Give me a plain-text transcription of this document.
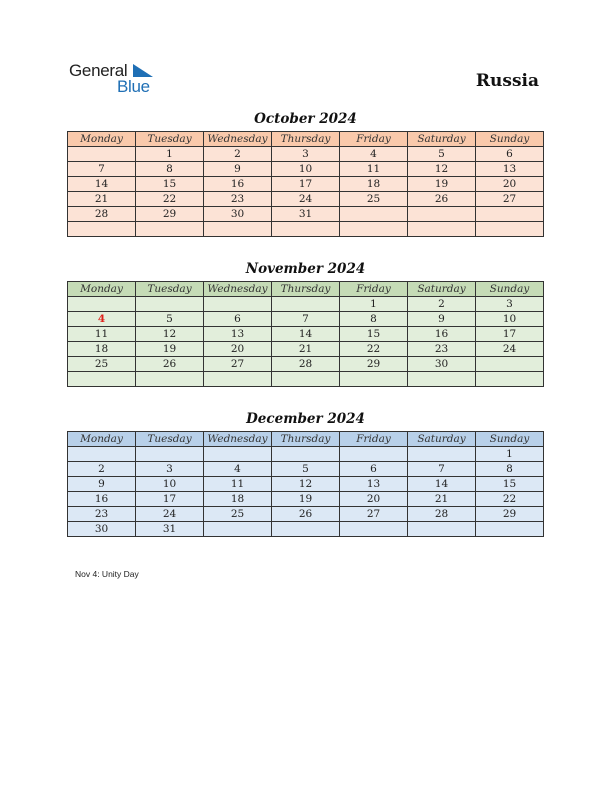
General
Blue	Russia
October 2024
Monday	Tuesday	Wednesday	Thursday	Friday	Saturday	Sunday
	1	2	3	4	5	6
7	8	9	10	11	12	13
14	15	16	17	18	19	20
21	22	23	24	25	26	27
28	29	30	31			

November 2024
Monday	Tuesday	Wednesday	Thursday	Friday	Saturday	Sunday
				1	2	3
4	5	6	7	8	9	10
11	12	13	14	15	16	17
18	19	20	21	22	23	24
25	26	27	28	29	30	

December 2024
Monday	Tuesday	Wednesday	Thursday	Friday	Saturday	Sunday
						1
2	3	4	5	6	7	8
9	10	11	12	13	14	15
16	17	18	19	20	21	22
23	24	25	26	27	28	29
30	31					
Nov 4: Unity Day
